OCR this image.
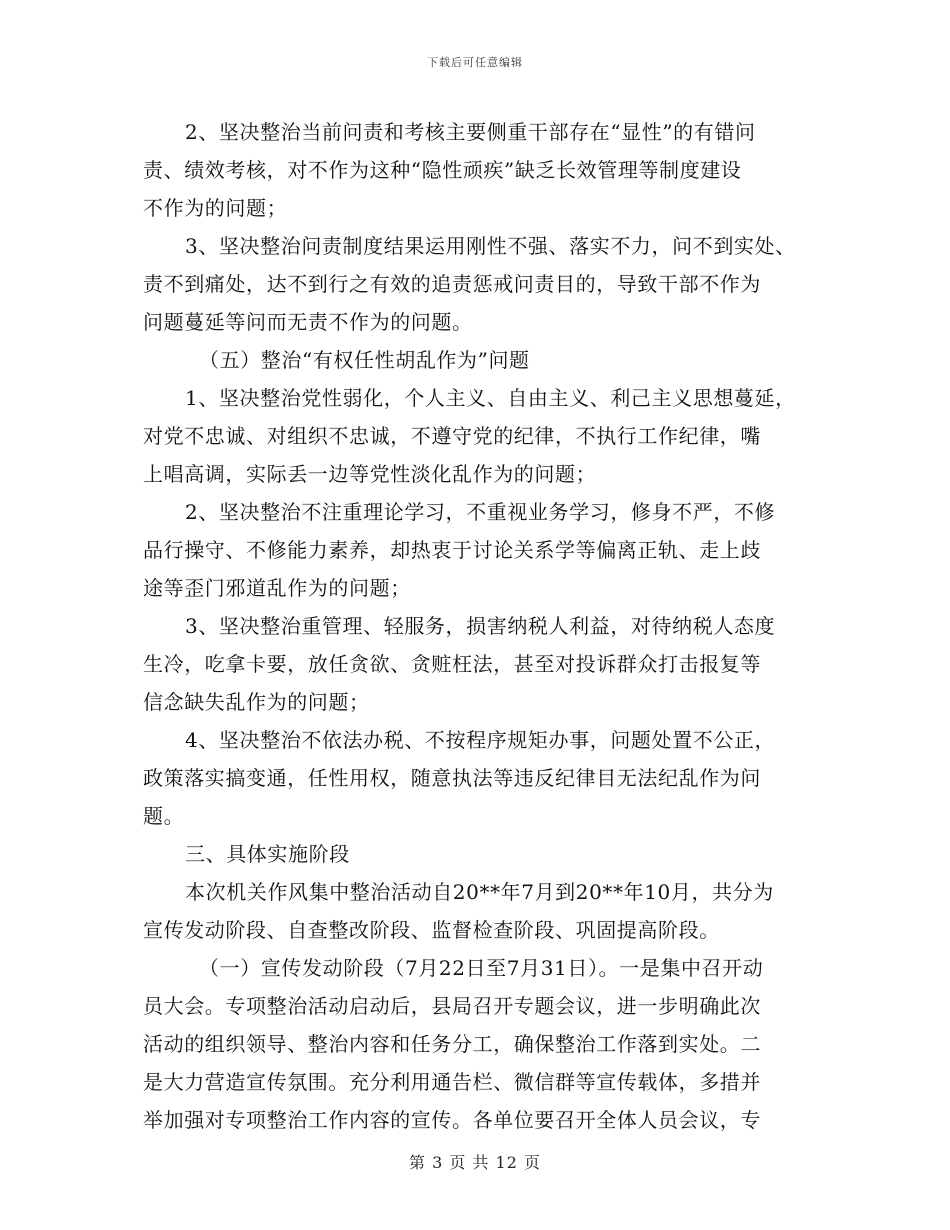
下载后可任意编辑
2、坚决整治当前问责和考核主要侧重干部存在“显性”的有错问
责、绩效考核，对不作为这种“隐性顽疾”缺乏长效管理等制度建设
不作为的问题；
3、坚决整治问责制度结果运用刚性不强、落实不力，问不到实处、
责不到痛处，达不到行之有效的追责惩戒问责目的，导致干部不作为
问题蔓延等问而无责不作为的问题。
（五）整治“有权任性胡乱作为”问题
1、坚决整治党性弱化，个人主义、自由主义、利己主义思想蔓延，
对党不忠诚、对组织不忠诚，不遵守党的纪律，不执行工作纪律，嘴
上唱高调，实际丢一边等党性淡化乱作为的问题；
2、坚决整治不注重理论学习，不重视业务学习，修身不严，不修
品行操守、不修能力素养，却热衷于讨论关系学等偏离正轨、走上歧
途等歪门邪道乱作为的问题；
3、坚决整治重管理、轻服务，损害纳税人利益，对待纳税人态度
生冷，吃拿卡要，放任贪欲、贪赃枉法，甚至对投诉群众打击报复等
信念缺失乱作为的问题；
4、坚决整治不依法办税、不按程序规矩办事，问题处置不公正，
政策落实搞变通，任性用权，随意执法等违反纪律目无法纪乱作为问
题。
三、具体实施阶段
本次机关作风集中整治活动自20**年7月到20**年10月，共分为
宣传发动阶段、自查整改阶段、监督检查阶段、巩固提高阶段。
（一）宣传发动阶段（7月22日至7月31日）。一是集中召开动
员大会。专项整治活动启动后，县局召开专题会议，进一步明确此次
活动的组织领导、整治内容和任务分工，确保整治工作落到实处。二
是大力营造宣传氛围。充分利用通告栏、微信群等宣传载体，多措并
举加强对专项整治工作内容的宣传。各单位要召开全体人员会议，专
第 3 页 共 12 页
